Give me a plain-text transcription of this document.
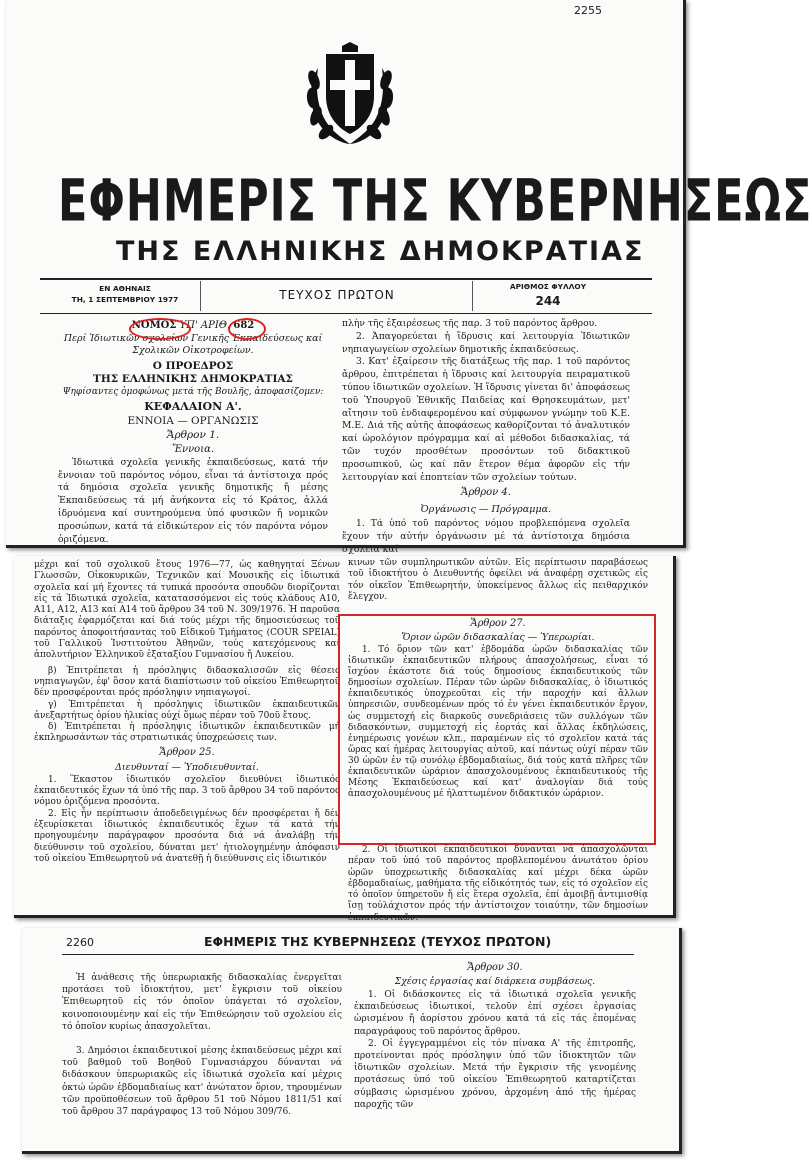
2255
ΕΦΗΜΕΡΙΣ ΤΗΣ ΚΥΒΕΡΝΗΣΕΩΣ
ΤΗΣ ΕΛΛΗΝΙΚΗΣ ΔΗΜΟΚΡΑΤΙΑΣ
ΕΝ ΑΘΗΝΑΙΣ
ΤΗ, 1 ΣΕΠΤΕΜΒΡΙΟΥ 1977	ΤΕΥΧΟΣ ΠΡΩΤΟΝ
ΑΡΙΘΜΟΣ ΦΥΛΛΟΥ
244
ΝΟΜΟΣ ΥΠ' ΑΡΙΘ. 682
Περί Ἰδιωτικῶν σχολείων Γενικῆς Ἐκπαιδεύσεως καί Σχολικῶν Οἰκοτροφείων.
Ο ΠΡΟΕΔΡΟΣ
ΤΗΣ ΕΛΛΗΝΙΚΗΣ ΔΗΜΟΚΡΑΤΙΑΣ
Ψηφίσαντες ὁμοφώνως μετά τῆς Βουλῆς, ἀποφασίζομεν:
ΚΕΦΑΛΑΙΟΝ Α'.
ΕΝΝΟΙΑ — ΟΡΓΑΝΩΣΙΣ
Ἄρθρον 1.
Ἔννοια.
Ἰδιωτικά σχολεῖα γενικῆς ἐκπαιδεύσεως, κατά τήν ἔννοιαν τοῦ παρόντος νόμου, εἶναι τά ἀντίστοιχα πρός τά δημόσια σχολεῖα γενικῆς δημοτικῆς ἤ μέσης Ἐκπαιδεύσεως τά μή ἀνήκοντα εἰς τό Κράτος, ἀλλά ἱδρυόμενα καί συντηρούμενα ὑπό φυσικῶν ἤ νομικῶν προσώπων, κατά τά εἰδικώτερον εἰς τόν παρόντα νόμον ὁριζόμενα.
πλὴν τῆς ἐξαιρέσεως τῆς παρ. 3 τοῦ παρόντος ἄρθρου.
2. Ἀπαγορεύεται ἡ ἵδρυσις καί λειτουργία Ἰδιωτικῶν νηπιαγωγείων σχολείων δημοτικῆς ἐκπαιδεύσεως.
3. Κατ' ἐξαίρεσιν τῆς διατάξεως τῆς παρ. 1 τοῦ παρόντος ἄρθρου, ἐπιτρέπεται ἡ ἵδρυσις καί λειτουργία πειραματικοῦ τύπου ἰδιωτικῶν σχολείων. Ἡ ἵδρυσις γίνεται δι' ἀποφάσεως τοῦ Ὑπουργοῦ Ἐθνικῆς Παιδείας καί Θρησκευμάτων, μετ' αἴτησιν τοῦ ἐνδιαφερομένου καί σύμφωνον γνώμην τοῦ Κ.Ε. Μ.Ε. Διά τῆς αὐτῆς ἀποφάσεως καθορίζονται τό ἀναλυτικόν καί ὡρολόγιον πρόγραμμα καί αἱ μέθοδοι διδασκαλίας, τά τῶν τυχόν προσθέτων προσόντων τοῦ διδακτικοῦ προσωπικοῦ, ὡς καί πᾶν ἕτερον θέμα ἀφορῶν εἰς τήν λειτουργίαν καί ἐποπτείαν τῶν σχολείων τούτων.
Ἄρθρον 4.
Ὀργάνωσις — Πρόγραμμα.
1. Τά ὑπό τοῦ παρόντος νόμου προβλεπόμενα σχολεῖα ἔχουν τήν αὐτήν ὀργάνωσιν μέ τά ἀντίστοιχα δημόσια σχολεῖα καί
μέχρι καί τοῦ σχολικοῦ ἔτους 1976—77, ὡς καθηγηταί Ξένων Γλωσσῶν, Οἰκοκυρικῶν, Τεχνικῶν καί Μουσικῆς εἰς ἰδιωτικά σχολεῖα καί μή ἔχοντες τά τυπικά προσόντα σπουδῶν διορίζονται εἰς τά Ἰδιωτικά σχολεῖα, κατατασσόμενοι εἰς τούς κλάδους Α10, Α11, Α12, Α13 καί Α14 τοῦ ἄρθρου 34 τοῦ Ν. 309/1976. Ἡ παροῦσα διάταξις ἐφαρμόζεται καί διά τούς μέχρι τῆς δημοσιεύσεως τοῦ παρόντος ἀποφοιτήσαντας τοῦ Εἰδικοῦ Τμήματος (COUR SPEIAL) τοῦ Γαλλικοῦ Ἰνστιτούτου Ἀθηνῶν, τούς κατεχόμενους καί ἀπολυτήριον Ἑλληνικοῦ ἑξαταξίου Γυμνασίου ἤ Λυκείου.
β) Ἐπιτρέπεται ἡ πρόσληψις διδασκαλισσῶν εἰς θέσεις νηπιαγωγῶν, ἐφ' ὅσον κατά διαπίστωσιν τοῦ οἰκείου Ἐπιθεωρητοῦ δέν προσφέρονται πρός πρόσληψιν νηπιαγωγοί.
γ) Ἐπιτρέπεται ἡ πρόσληψις ἰδιωτικῶν ἐκπαιδευτικῶν ἀνεξαρτήτως ὁρίου ἡλικίας οὐχί ὅμως πέραν τοῦ 70οῦ ἔτους.
δ) Ἐπιτρέπεται ἡ πρόσληψις ἰδιωτικῶν ἐκπαιδευτικῶν μή ἐκπληρωσάντων τάς στρατιωτικάς ὑποχρεώσεις των.
Ἄρθρον 25.
Διευθυνταί — Ὑποδιευθυνταί.
1. Ἕκαστον ἰδιωτικόν σχολεῖον διευθύνει ἰδιωτικός ἐκπαιδευτικός ἔχων τά ὑπό τῆς παρ. 3 τοῦ ἄρθρου 34 τοῦ παρόντος νόμου ὁριζόμενα προσόντα.
2. Εἰς ἦν περίπτωσιν ἀποδεδειγμένως δέν προσφέρεται ἤ δέν ἐξευρίσκεται ἰδιωτικός ἐκπαιδευτικός ἔχων τά κατά τήν προηγουμένην παράγραφον προσόντα διά νά ἀναλάβῃ τήν διεύθυνσιν τοῦ σχολείου, δύναται μετ' ἠτιολογημένην ἀπόφασιν τοῦ οἰκείου Ἐπιθεωρητοῦ νά ἀνατεθῇ ἡ διεύθυνσις εἰς ἰδιωτικόν
κινων τῶν συμπληρωτικῶν αὐτῶν. Εἰς περίπτωσιν παραβάσεως τοῦ ἰδιοκτήτου ὁ Διευθυντής ὀφείλει νά ἀναφέρῃ σχετικῶς εἰς τόν οἰκεῖον Ἐπιθεωρητήν, ὑποκείμενος ἄλλως εἰς πειθαρχικόν ἔλεγχον.
Ἄρθρον 27.
Ὅριον ὡρῶν διδασκαλίας — Ὑπερωρίαι.
1. Τό ὅριον τῶν κατ' ἑβδομάδα ὡρῶν διδασκαλίας τῶν ἰδιωτικῶν ἐκπαιδευτικῶν πλήρους ἀπασχολήσεως, εἶναι τό ἴσχύον ἑκάστοτε διά τούς δημοσίους ἐκπαιδευτικούς τῶν δημοσίων σχολείων. Πέραν τῶν ὡρῶν διδασκαλίας, ὁ ἰδιωτικός ἐκπαιδευτικός ὑποχρεοῦται εἰς τήν παροχήν καί ἄλλων ὑπηρεσιῶν, συνδεομένων πρός τό ἐν γένει ἐκπαιδευτικόν ἔργον, ὡς συμμετοχή εἰς διαρκοῦς συνεδριάσεις τῶν συλλόγων τῶν διδασκόντων, συμμετοχή εἰς ἑορτάς καί ἄλλας ἐκδηλώσεις, ἐνημέρωσις γονέων κλπ., παραμένων εἰς τό σχολεῖον κατά τάς ὥρας καί ἡμέρας λειτουργίας αὐτοῦ, καί πάντως οὐχί πέραν τῶν 30 ὡρῶν ἐν τῷ συνόλῳ ἑβδομαδιαίως, διά τούς κατά πλῆρες τῶν ἐκπαιδευτικῶν ὡράριον ἀπασχολουμένους ἐκπαιδευτικούς τῆς Μέσης Ἐκπαιδεύσεως καί κατ' ἀναλογίαν διά τούς ἀπασχολουμένους μέ ἠλαττωμένον διδακτικόν ὡράριον.
2. Οἱ ἰδιωτικοί ἐκπαιδευτικοί δύνανται νά ἀπασχολῶνται πέραν τοῦ ὑπό τοῦ παρόντος προβλεπομένου ἀνωτάτου ὁρίου ὡρῶν ὑποχρεωτικῆς διδασκαλίας καί μέχρι δέκα ὡρῶν ἑβδομαδιαίως, μαθήματα τῆς εἰδικότητός των, εἰς τό σχολεῖον εἰς τό ὁποῖον ὑπηρετοῦν ἤ εἰς ἕτερα σχολεῖα, ἐπί ἀμοιβῇ ἀντιμισθίᾳ ἴσῃ τοὐλάχιστον πρός τήν ἀντίστοιχον τοιαύτην, τῶν δημοσίων ἐκπαιδευτικῶν.
2260	ΕΦΗΜΕΡΙΣ ΤΗΣ ΚΥΒΕΡΝΗΣΕΩΣ (ΤΕΥΧΟΣ ΠΡΩΤΟΝ)
Ἡ ἀνάθεσις τῆς ὑπερωριακῆς διδασκαλίας ἐνεργεῖται προτάσει τοῦ ἰδιοκτήτου, μετ' ἔγκρισιν τοῦ οἰκείου Ἐπιθεωρητοῦ εἰς τόν ὁποῖον ὑπάγεται τό σχολεῖον, κοινοποιουμένην καί εἰς τήν Ἐπιθεώρησιν τοῦ σχολείου εἰς τό ὁποῖον κυρίως ἀπασχολεῖται.
3. Δημόσιοι ἐκπαιδευτικοί μέσης ἐκπαιδεύσεως μέχρι καί τοῦ βαθμοῦ τοῦ Βοηθοῦ Γυμνασιάρχου δύνανται νά διδάσκουν ὑπερωριακῶς εἰς ἰδιωτικά σχολεῖα καί μέχρις ὀκτώ ὡρῶν ἑβδομαδιαίως κατ' ἀνώτατον ὅριον, τηρουμένων τῶν προϋποθέσεων τοῦ ἄρθρου 51 τοῦ Νόμου 1811/51 καί τοῦ ἄρθρου 37 παράγραφος 13 τοῦ Νόμου 309/76.
Ἄρθρον 30.
Σχέσις ἐργασίας καί διάρκεια συμβάσεως.
1. Οἱ διδάσκοντες εἰς τά ἰδιωτικά σχολεῖα γενικῆς ἐκπαιδεύσεως ἰδιωτικοί, τελοῦν ἐπί σχέσει ἐργασίας ὡρισμένου ἤ ἀορίστου χρόνου κατά τά εἰς τάς ἑπομένας παραγράφους τοῦ παρόντος ἄρθρου.
2. Οἱ ἐγγεγραμμένοι εἰς τόν πίνακα Α' τῆς ἐπιτροπῆς, προτείνονται πρός πρόσληψιν ὑπό τῶν ἰδιοκτητῶν τῶν ἰδιωτικῶν σχολείων. Μετά τήν ἔγκρισιν τῆς γενομένης προτάσεως ὑπό τοῦ οἰκείου Ἐπιθεωρητοῦ καταρτίζεται σύμβασις ὡρισμένου χρόνου, ἀρχομένη ἀπό τῆς ἡμέρας παροχῆς τῶν
